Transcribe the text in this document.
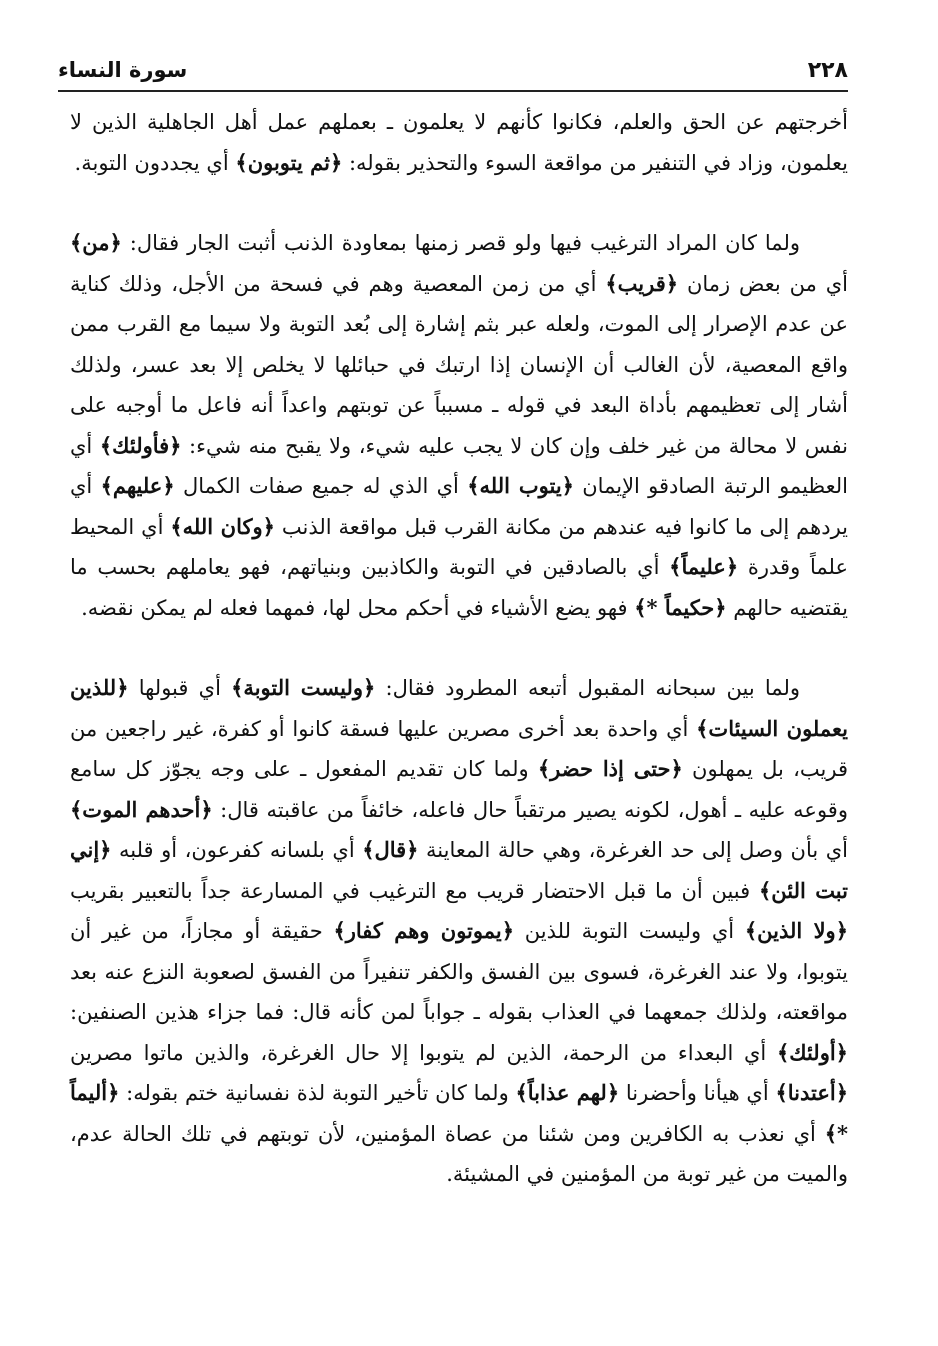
٢٢٨
سورة النساء

أخرجتهم عن الحق والعلم، فكانوا كأنهم لا يعلمون ـ بعملهم عمل أهل الجاهلية الذين لا يعلمون، وزاد في التنفير من مواقعة السوء والتحذير بقوله: ﴿ثم يتوبون﴾ أي يجددون التوبة.

ولما كان المراد الترغيب فيها ولو قصر زمنها بمعاودة الذنب أثبت الجار فقال: ﴿من﴾ أي من بعض زمان ﴿قريب﴾ أي من زمن المعصية وهم في فسحة من الأجل، وذلك كناية عن عدم الإصرار إلى الموت، ولعله عبر بثم إشارة إلى بُعد التوبة ولا سيما مع القرب ممن واقع المعصية، لأن الغالب أن الإنسان إذا ارتبك في حبائلها لا يخلص إلا بعد عسر، ولذلك أشار إلى تعظيمهم بأداة البعد في قوله ـ مسبباً عن توبتهم واعداً أنه فاعل ما أوجبه على نفس لا محالة من غير خلف وإن كان لا يجب عليه شيء، ولا يقبح منه شيء: ﴿فأولئك﴾ أي العظيمو الرتبة الصادقو الإيمان ﴿يتوب الله﴾ أي الذي له جميع صفات الكمال ﴿عليهم﴾ أي يردهم إلى ما كانوا فيه عندهم من مكانة القرب قبل مواقعة الذنب ﴿وكان الله﴾ أي المحيط علماً وقدرة ﴿عليماً﴾ أي بالصادقين في التوبة والكاذبين وبنياتهم، فهو يعاملهم بحسب ما يقتضيه حالهم ﴿حكيماً *﴾ فهو يضع الأشياء في أحكم محل لها، فمهما فعله لم يمكن نقضه.

ولما بين سبحانه المقبول أتبعه المطرود فقال: ﴿وليست التوبة﴾ أي قبولها ﴿للذين يعملون السيئات﴾ أي واحدة بعد أخرى مصرين عليها فسقة كانوا أو كفرة، غير راجعين من قريب، بل يمهلون ﴿حتى إذا حضر﴾ ولما كان تقديم المفعول ـ على وجه يجوّز كل سامع وقوعه عليه ـ أهول، لكونه يصير مرتقباً حال فاعله، خائفاً من عاقبته قال: ﴿أحدهم الموت﴾ أي بأن وصل إلى حد الغرغرة، وهي حالة المعاينة ﴿قال﴾ أي بلسانه كفرعون، أو قلبه ﴿إني تبت الئن﴾ فبين أن ما قبل الاحتضار قريب مع الترغيب في المسارعة جداً بالتعبير بقريب ﴿ولا الذين﴾ أي وليست التوبة للذين ﴿يموتون وهم كفار﴾ حقيقة أو مجازاً، من غير أن يتوبوا، ولا عند الغرغرة، فسوى بين الفسق والكفر تنفيراً من الفسق لصعوبة النزع عنه بعد مواقعته، ولذلك جمعهما في العذاب بقوله ـ جواباً لمن كأنه قال: فما جزاء هذين الصنفين: ﴿أولئك﴾ أي البعداء من الرحمة، الذين لم يتوبوا إلا حال الغرغرة، والذين ماتوا مصرين ﴿أعتدنا﴾ أي هيأنا وأحضرنا ﴿لهم عذاباً﴾ ولما كان تأخير التوبة لذة نفسانية ختم بقوله: ﴿أليماً *﴾ أي نعذب به الكافرين ومن شئنا من عصاة المؤمنين، لأن توبتهم في تلك الحالة عدم، والميت من غير توبة من المؤمنين في المشيئة.
